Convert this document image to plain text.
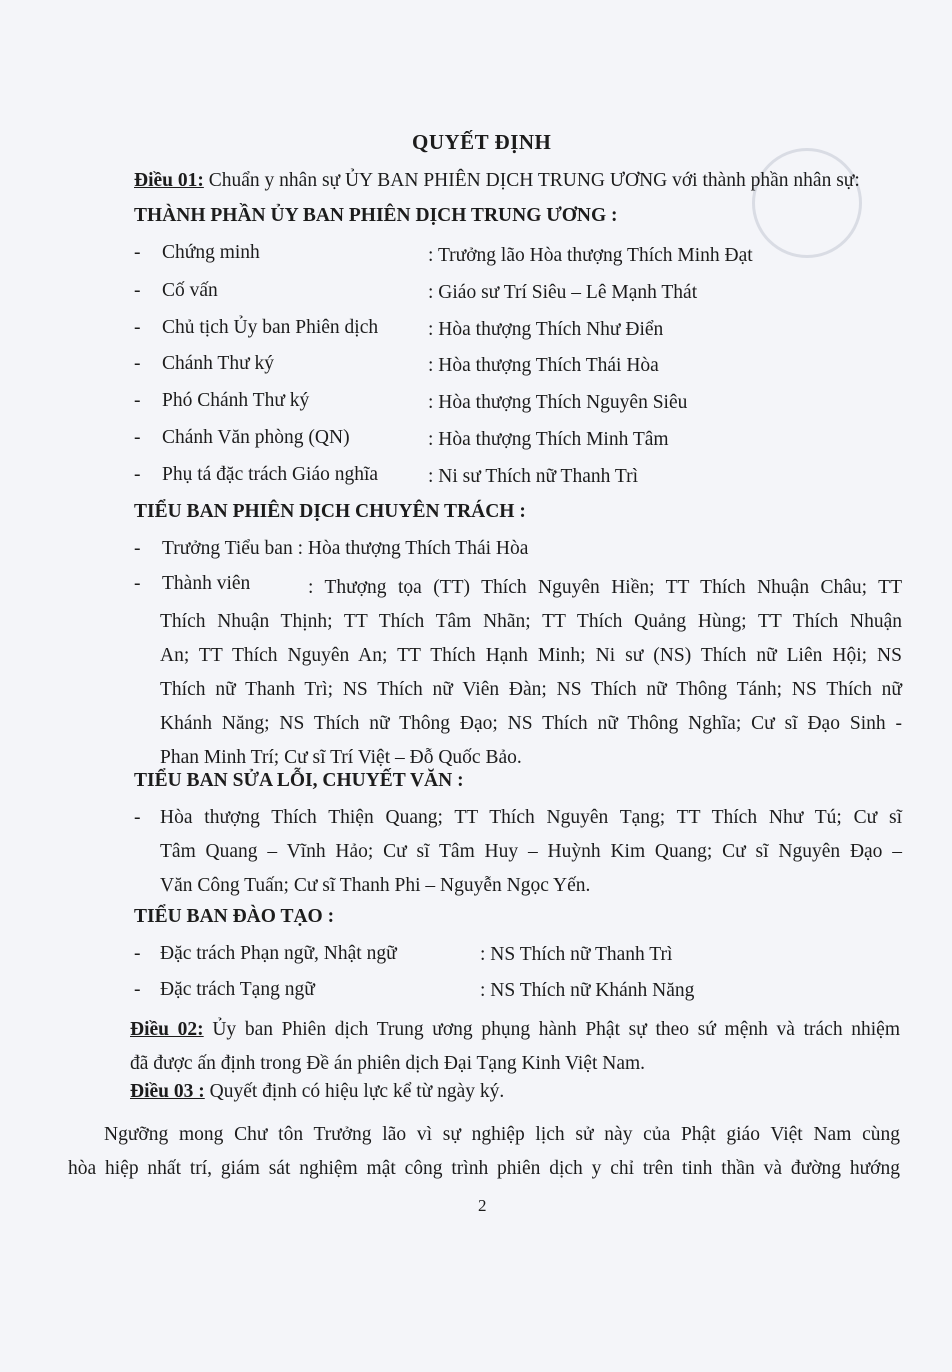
QUYẾT ĐỊNH
Điều 01: Chuẩn y nhân sự ỦY BAN PHIÊN DỊCH TRUNG ƯƠNG với thành phần nhân sự:
THÀNH PHẦN ỦY BAN PHIÊN DỊCH TRUNG ƯƠNG :
- Chứng minh	: Trưởng lão Hòa thượng Thích Minh Đạt
- Cố vấn	: Giáo sư Trí Siêu – Lê Mạnh Thát
- Chủ tịch Ủy ban Phiên dịch	: Hòa thượng Thích Như Điển
- Chánh Thư ký	: Hòa thượng Thích Thái Hòa
- Phó Chánh Thư ký	: Hòa thượng Thích Nguyên Siêu
- Chánh Văn phòng (QN)	: Hòa thượng Thích Minh Tâm
- Phụ tá đặc trách Giáo nghĩa	: Ni sư Thích nữ Thanh Trì
TIỂU BAN PHIÊN DỊCH CHUYÊN TRÁCH :
- Trưởng Tiểu ban : Hòa thượng Thích Thái Hòa
- Thành viên	: Thượng tọa (TT) Thích Nguyên Hiền; TT Thích Nhuận Châu; TT
Thích Nhuận Thịnh; TT Thích Tâm Nhãn; TT Thích Quảng Hùng; TT Thích Nhuận
An; TT Thích Nguyên An; TT Thích Hạnh Minh; Ni sư (NS) Thích nữ Liên Hội; NS
Thích nữ Thanh Trì; NS Thích nữ Viên Đàn; NS Thích nữ Thông Tánh; NS Thích nữ
Khánh Năng; NS Thích nữ Thông Đạo; NS Thích nữ Thông Nghĩa; Cư sĩ Đạo Sinh -
Phan Minh Trí; Cư sĩ Trí Việt – Đỗ Quốc Bảo.
TIỂU BAN SỬA LỖI, CHUYẾT VĂN :
- Hòa thượng Thích Thiện Quang; TT Thích Nguyên Tạng; TT Thích Như Tú; Cư sĩ
Tâm Quang – Vĩnh Hảo; Cư sĩ Tâm Huy – Huỳnh Kim Quang; Cư sĩ Nguyên Đạo –
Văn Công Tuấn; Cư sĩ Thanh Phi – Nguyễn Ngọc Yến.
TIỂU BAN ĐÀO TẠO :
- Đặc trách Phạn ngữ, Nhật ngữ	: NS Thích nữ Thanh Trì
- Đặc trách Tạng ngữ	: NS Thích nữ Khánh Năng
Điều 02: Ủy ban Phiên dịch Trung ương phụng hành Phật sự theo sứ mệnh và trách nhiệm
đã được ấn định trong Đề án phiên dịch Đại Tạng Kinh Việt Nam.
Điều 03 : Quyết định có hiệu lực kể từ ngày ký.
Ngưỡng mong Chư tôn Trưởng lão vì sự nghiệp lịch sử này của Phật giáo Việt Nam cùng
hòa hiệp nhất trí, giám sát nghiệm mật công trình phiên dịch y chỉ trên tinh thần và đường hướng
2
